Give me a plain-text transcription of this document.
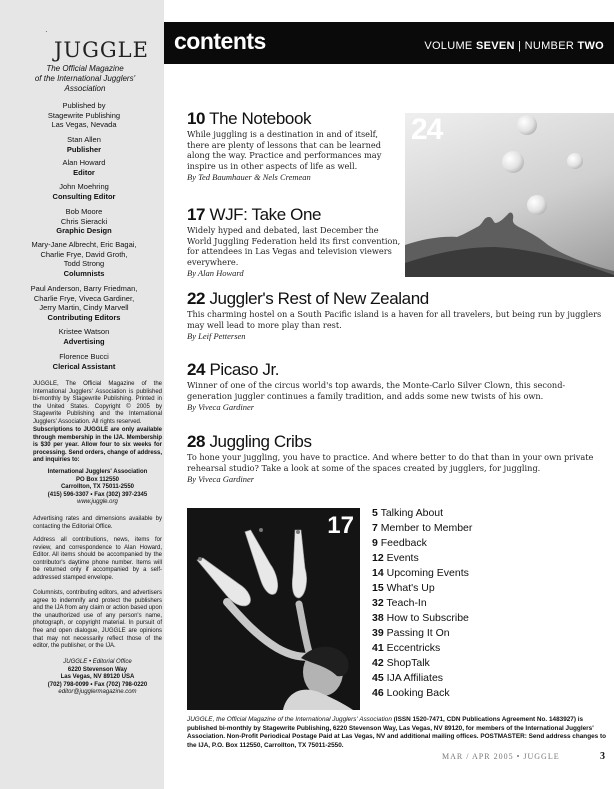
·
JUGGLE
The Official Magazine
of the International Jugglers'
Association
Published by
Stagewrite Publishing
Las Vegas, Nevada
Stan Allen
Publisher
Alan Howard
Editor
John Moehring
Consulting Editor
Bob Moore
Chris Sieracki
Graphic Design
Mary-Jane Albrecht, Eric Bagai,
Charlie Frye, David Groth,
Todd Strong
Columnists
Paul Anderson, Barry Friedman,
Charlie Frye, Viveca Gardiner,
Jerry Martin, Cindy Marvell
Contributing Editors
Kristee Watson
Advertising
Florence Bucci
Clerical Assistant
JUGGLE, The Official Magazine of the International Jugglers' Association is published bi-monthly by Stagewrite Publishing. Printed in the United States. Copyright © 2005 by Stagewrite Publishing and the International Jugglers' Association. All rights reserved.
Subscriptions to JUGGLE are only available through membership in the IJA. Membership is $30 per year. Allow four to six weeks for processing. Send orders, change of address, and inquiries to:
International Jugglers' Association
PO Box 112550
Carrollton, TX 75011-2550
(415) 596-3307 • Fax (302) 397-2345
www.juggle.org
Advertising rates and dimensions available by contacting the Editorial Office.
Address all contributions, news, items for review, and correspondence to Alan Howard, Editor. All items should be accompanied by the contributor's daytime phone number. Items will be returned only if accompanied by a self-addressed stamped envelope.
Columnists, contributing editors, and advertisers agree to indemnify and protect the publishers and the IJA from any claim or action based upon the unauthorized use of any person's name, photograph, or copyright material. In pursuit of free and open dialogue, JUGGLE are opinions that may not necessarily reflect those of the editor, the publisher, or the IJA.
JUGGLE • Editorial Office
6220 Stevenson Way
Las Vegas, NV 89120 USA
(702) 798-0099 • Fax (702) 798-0220
editor@jugglermagazine.com
contents	VOLUME SEVEN | NUMBER TWO
24
10 The Notebook
While juggling is a destination in and of itself, there are plenty of lessons that can be learned along the way. Practice and performances may inspire us in other aspects of life as well.
By Ted Baumhauer & Nels Cremean
17 WJF: Take One
Widely hyped and debated, last December the World Juggling Federation held its first convention, for attendees in Las Vegas and television viewers everywhere.
By Alan Howard
22 Juggler's Rest of New Zealand
This charming hostel on a South Pacific island is a haven for all travelers, but being run by jugglers may well lead to more play than rest.
By Leif Pettersen
24 Picaso Jr.
Winner of one of the circus world's top awards, the Monte-Carlo Silver Clown, this second-generation juggler continues a family tradition, and adds some new twists of his own.
By Viveca Gardiner
28 Juggling Cribs
To hone your juggling, you have to practice. And where better to do that than in your own private rehearsal studio? Take a look at some of the spaces created by jugglers, for juggling.
By Viveca Gardiner
17 5 Talking About
7 Member to Member
9 Feedback
12 Events
14 Upcoming Events
15 What's Up
32 Teach-In
38 How to Subscribe
39 Passing It On
41 Eccentricks
42 ShopTalk
45 IJA Affiliates
46 Looking Back
JUGGLE, the Official Magazine of the International Jugglers' Association (ISSN 1520-7471, CDN Publications Agreement No. 1483927) is published bi-monthly by Stagewrite Publishing, 6220 Stevenson Way, Las Vegas, NV 89120, for members of the International Jugglers' Association. Non-Profit Periodical Postage Paid at Las Vegas, NV and additional mailing offices. POSTMASTER: Send address changes to the IJA, P.O. Box 112550, Carrollton, TX 75011-2550.
MAR / APR 2005 • JUGGLE	3
